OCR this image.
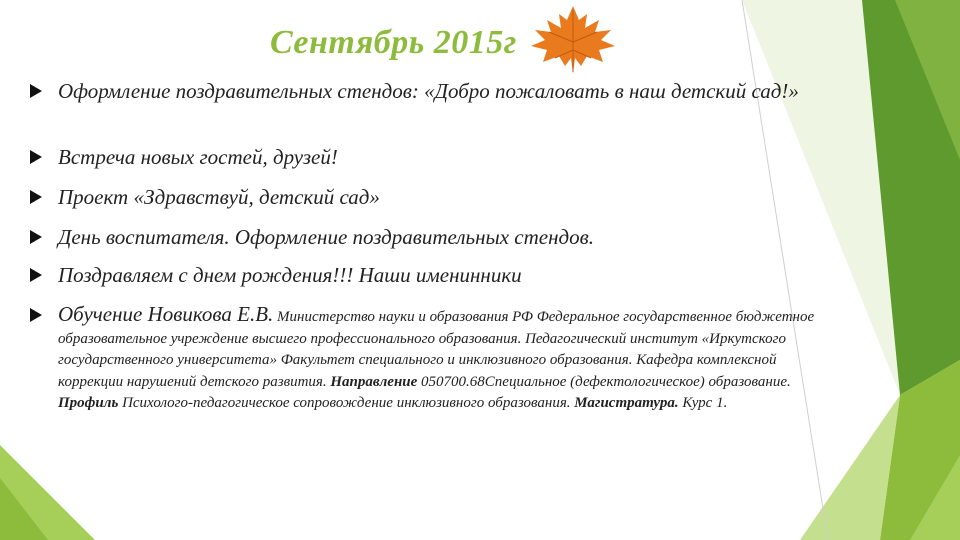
Сентябрь 2015г
Оформление поздравительных стендов: «Добро пожаловать в наш детский сад!»
Встреча новых гостей, друзей!
Проект «Здравствуй, детский сад»
День воспитателя. Оформление поздравительных стендов.
Поздравляем с днем рождения!!! Наши именинники
Обучение Новикова Е.В. Министерство науки и образования РФ Федеральное государственное бюджетное образовательное учреждение высшего профессионального образования. Педагогический институт «Иркутского государственного университета» Факультет специального и инклюзивного образования. Кафедра комплексной коррекции нарушений детского развития. Направление 050700.68Специальное (дефектологическое) образование. Профиль Психолого-педагогическое сопровождение инклюзивного образования. Магистратура. Курс 1.
